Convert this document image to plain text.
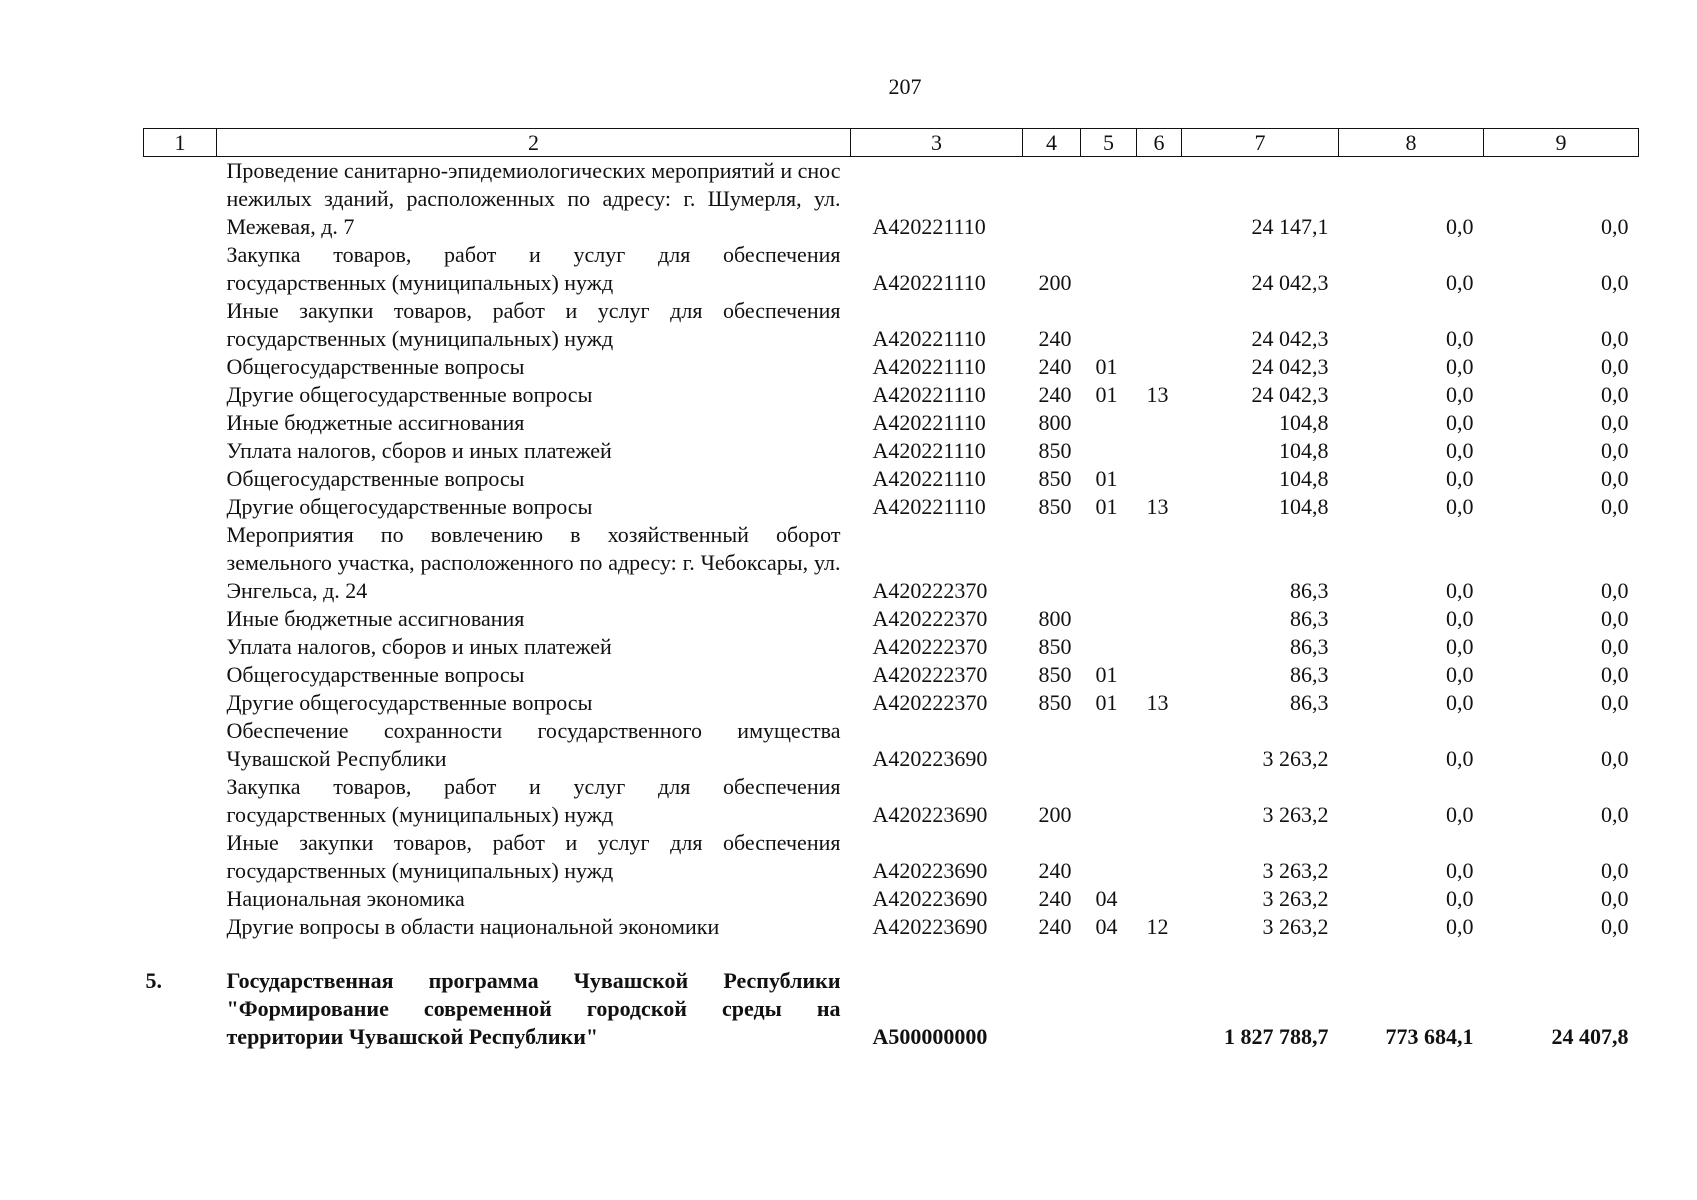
207
1	2	3	4	5	6	7	8	9
	Проведение санитарно-эпидемиологических мероприятий и снос нежилых зданий, расположенных по адресу: г. Шумерля, ул. Межевая, д. 7	A420221110				24 147,1	0,0	0,0
	Закупка товаров, работ и услуг для обеспечения государственных (муниципальных) нужд	A420221110	200			24 042,3	0,0	0,0
	Иные закупки товаров, работ и услуг для обеспечения государственных (муниципальных) нужд	A420221110	240			24 042,3	0,0	0,0
	Общегосударственные вопросы	A420221110	240	01		24 042,3	0,0	0,0
	Другие общегосударственные вопросы	A420221110	240	01	13	24 042,3	0,0	0,0
	Иные бюджетные ассигнования	A420221110	800			104,8	0,0	0,0
	Уплата налогов, сборов и иных платежей	A420221110	850			104,8	0,0	0,0
	Общегосударственные вопросы	A420221110	850	01		104,8	0,0	0,0
	Другие общегосударственные вопросы	A420221110	850	01	13	104,8	0,0	0,0
	Мероприятия по вовлечению в хозяйственный оборот земельного участка, расположенного по адресу: г. Чебоксары, ул. Энгельса, д. 24	A420222370				86,3	0,0	0,0
	Иные бюджетные ассигнования	A420222370	800			86,3	0,0	0,0
	Уплата налогов, сборов и иных платежей	A420222370	850			86,3	0,0	0,0
	Общегосударственные вопросы	A420222370	850	01		86,3	0,0	0,0
	Другие общегосударственные вопросы	A420222370	850	01	13	86,3	0,0	0,0
	Обеспечение сохранности государственного имущества Чувашской Республики	A420223690				3 263,2	0,0	0,0
	Закупка товаров, работ и услуг для обеспечения государственных (муниципальных) нужд	A420223690	200			3 263,2	0,0	0,0
	Иные закупки товаров, работ и услуг для обеспечения государственных (муниципальных) нужд	A420223690	240			3 263,2	0,0	0,0
	Национальная экономика	A420223690	240	04		3 263,2	0,0	0,0
	Другие вопросы в области национальной экономики	A420223690	240	04	12	3 263,2	0,0	0,0

5.	Государственная программа Чувашской Республики "Формирование современной городской среды на территории Чувашской Республики"	A500000000				1 827 788,7	773 684,1	24 407,8
